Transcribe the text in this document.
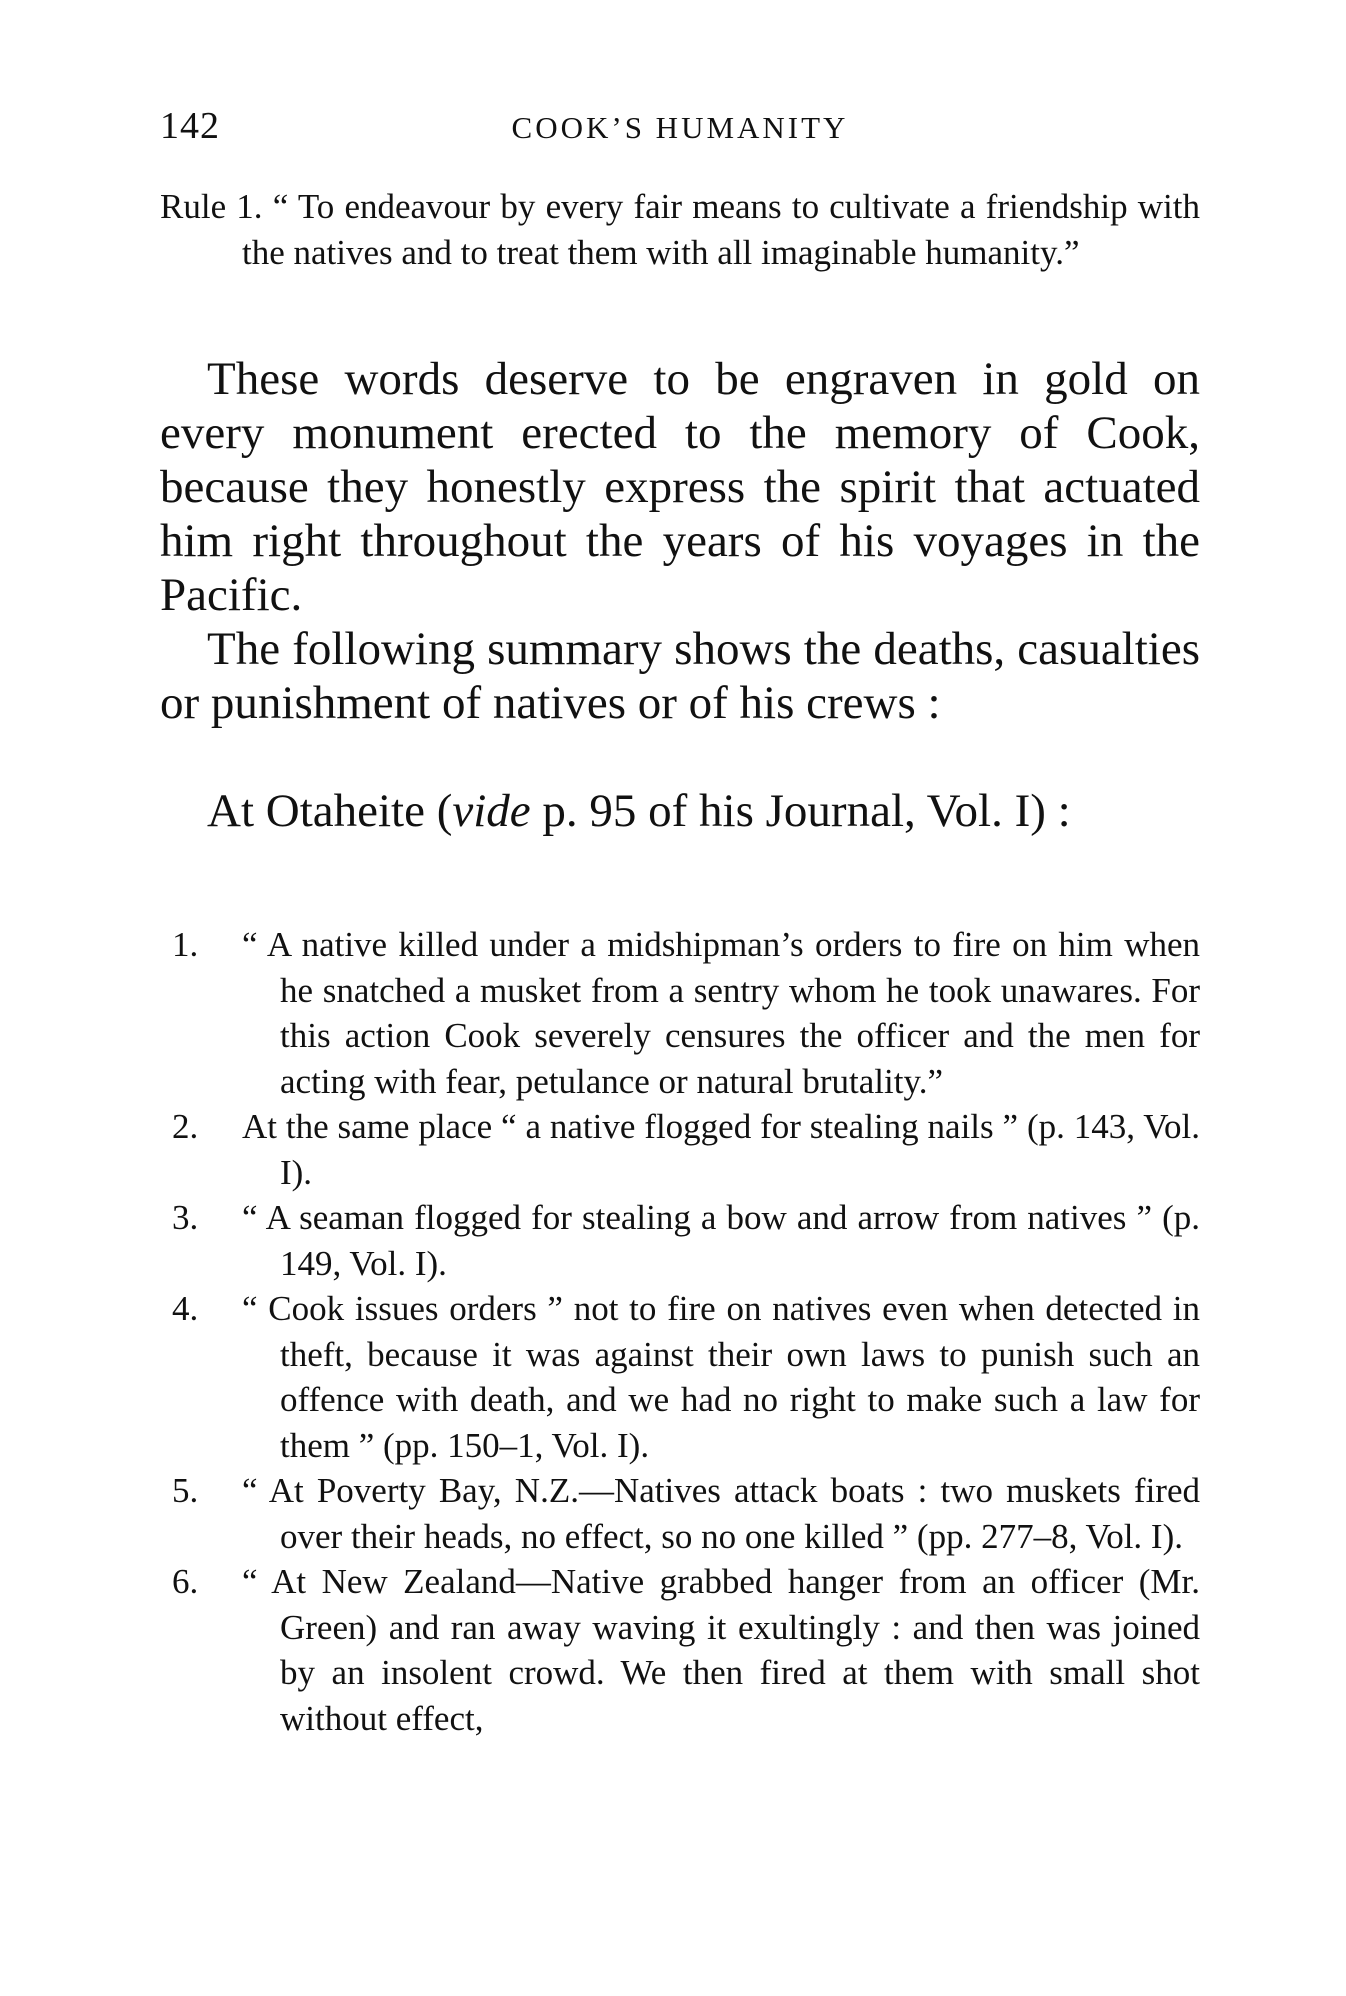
142	COOK’S HUMANITY
Rule 1. “ To endeavour by every fair means to cultivate a friendship with the natives and to treat them with all imaginable humanity.”
These words deserve to be engraven in gold on every monument erected to the memory of Cook, because they honestly express the spirit that actuated him right throughout the years of his voyages in the Pacific.
The following summary shows the deaths, casualties or punishment of natives or of his crews :
At Otaheite (vide p. 95 of his Journal, Vol. I) :
1. “ A native killed under a midshipman’s orders to fire on him when he snatched a musket from a sentry whom he took unawares. For this action Cook severely censures the officer and the men for acting with fear, petulance or natural brutality.”
2. At the same place “ a native flogged for stealing nails ” (p. 143, Vol. I).
3. “ A seaman flogged for stealing a bow and arrow from natives ” (p. 149, Vol. I).
4. “ Cook issues orders ” not to fire on natives even when detected in theft, because it was against their own laws to punish such an offence with death, and we had no right to make such a law for them ” (pp. 150–1, Vol. I).
5. “ At Poverty Bay, N.Z.—Natives attack boats : two muskets fired over their heads, no effect, so no one killed ” (pp. 277–8, Vol. I).
6. “ At New Zealand—Native grabbed hanger from an officer (Mr. Green) and ran away waving it exultingly : and then was joined by an insolent crowd. We then fired at them with small shot without effect,
